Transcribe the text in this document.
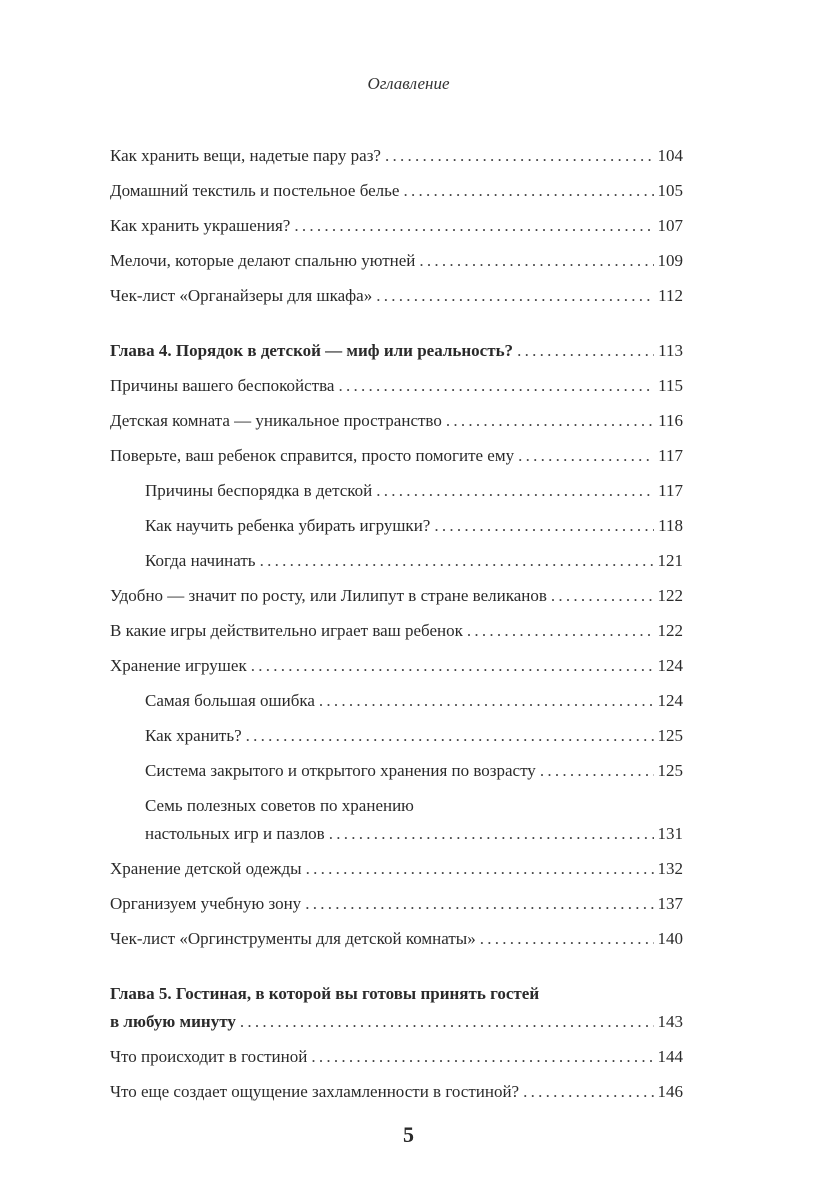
Оглавление
Как хранить вещи, надетые пару раз? . . .	104
Домашний текстиль и постельное белье . . .	105
Как хранить украшения? . . .	107
Мелочи, которые делают спальню уютней . . .	109
Чек-лист «Органайзеры для шкафа» . . .	112
Глава 4. Порядок в детской — миф или реальность? . . .	113
Причины вашего беспокойства . . .	115
Детская комната — уникальное пространство . . .	116
Поверьте, ваш ребенок справится, просто помогите ему . . .	117
Причины беспорядка в детской . . .	117
Как научить ребенка убирать игрушки? . . .	118
Когда начинать . . .	121
Удобно — значит по росту, или Лилипут в стране великанов . . .	122
В какие игры действительно играет ваш ребенок . . .	122
Хранение игрушек . . .	124
Самая большая ошибка . . .	124
Как хранить? . . .	125
Система закрытого и открытого хранения по возрасту . . .	125
Семь полезных советов по хранению
настольных игр и пазлов . . .	131
Хранение детской одежды . . .	132
Организуем учебную зону . . .	137
Чек-лист «Оргинструменты для детской комнаты» . . .	140
Глава 5. Гостиная, в которой вы готовы принять гостей
в любую минуту . . .	143
Что происходит в гостиной . . .	144
Что еще создает ощущение захламленности в гостиной? . . .	146
5
